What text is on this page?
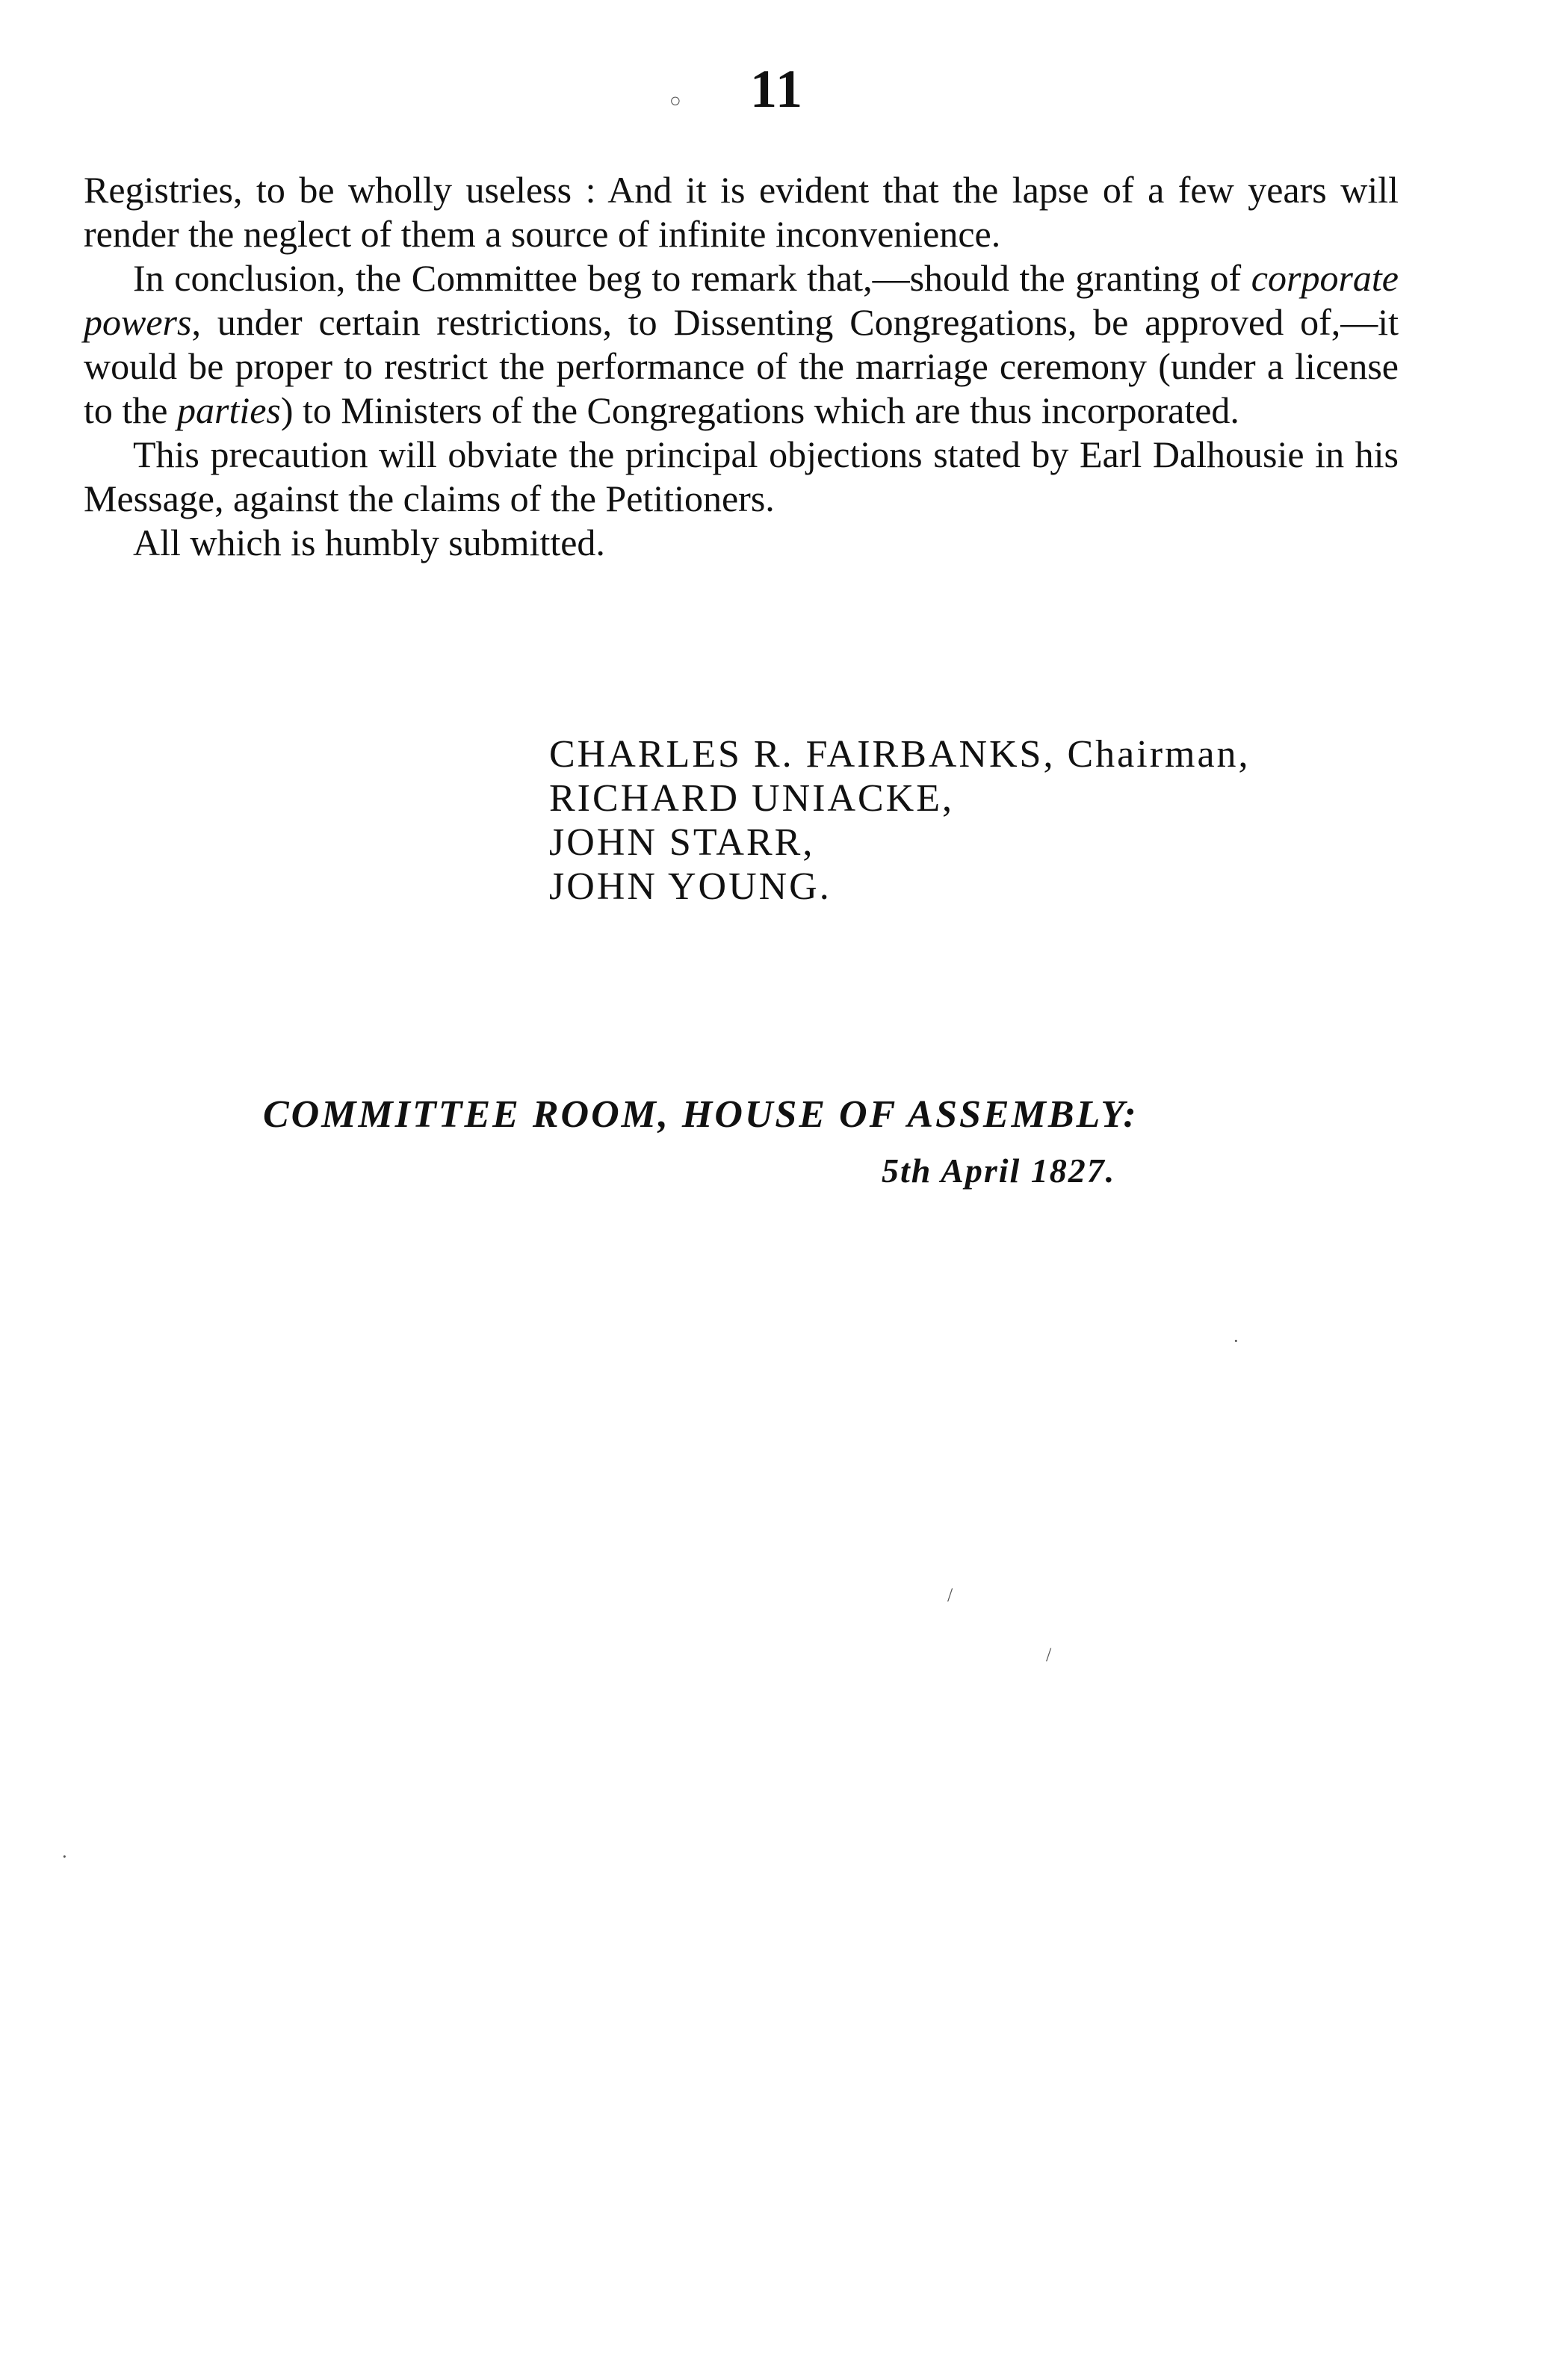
11

Registries, to be wholly useless : And it is evident that the lapse of a few years will render the neglect of them a source of infinite inconvenience.

In conclusion, the Committee beg to remark that,—should the granting of corporate powers, under certain restrictions, to Dissenting Congregations, be approved of,—it would be proper to restrict the performance of the marriage ceremony (under a license to the parties) to Ministers of the Congregations which are thus incorporated.

This precaution will obviate the principal objections stated by Earl Dalhousie in his Message, against the claims of the Petitioners.

All which is humbly submitted.

CHARLES R. FAIRBANKS, Chairman,
RICHARD UNIACKE,
JOHN STARR,
JOHN YOUNG.
COMMITTEE ROOM, HOUSE OF ASSEMBLY:
5th April 1827.
○
·
/
/
·
